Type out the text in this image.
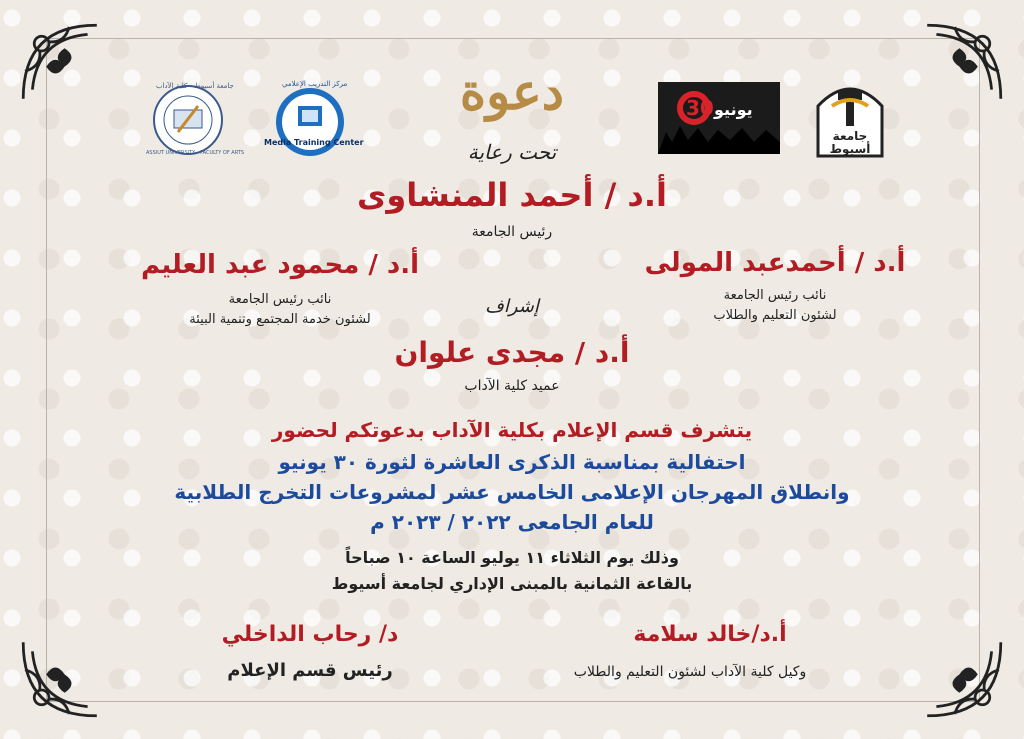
ASSIUT UNIVERSITY - FACULTY OF ARTS
جامعة أسيوط - كلية الآداب
Media Training Center
مركز التدريب الإعلامي
30 يونيو
جامعة أسيوط
دعوة
تحت رعاية
أ.د / أحمد المنشاوى
رئيس الجامعة
أ.د / أحمدعبد المولى
نائب رئيس الجامعة
لشئون التعليم والطلاب
أ.د / محمود عبد العليم
نائب رئيس الجامعة
لشئون خدمة المجتمع وتنمية البيئة
إشراف
أ.د / مجدى علوان
عميد كلية الآداب
يتشرف قسم الإعلام بكلية الآداب بدعوتكم لحضور
احتفالية بمناسبة الذكرى العاشرة لثورة ٣٠ يونيو
وانطلاق المهرجان الإعلامى الخامس عشر لمشروعات التخرج الطلابية
للعام الجامعى ٢٠٢٢ / ٢٠٢٣ م
وذلك يوم الثلاثاء ١١ يوليو الساعة ١٠ صباحاً
بالقاعة الثمانية بالمبنى الإداري لجامعة أسيوط
أ.د/خالد سلامة
وكيل كلية الآداب لشئون التعليم والطلاب
د/ رحاب الداخلي
رئيس قسم الإعلام
